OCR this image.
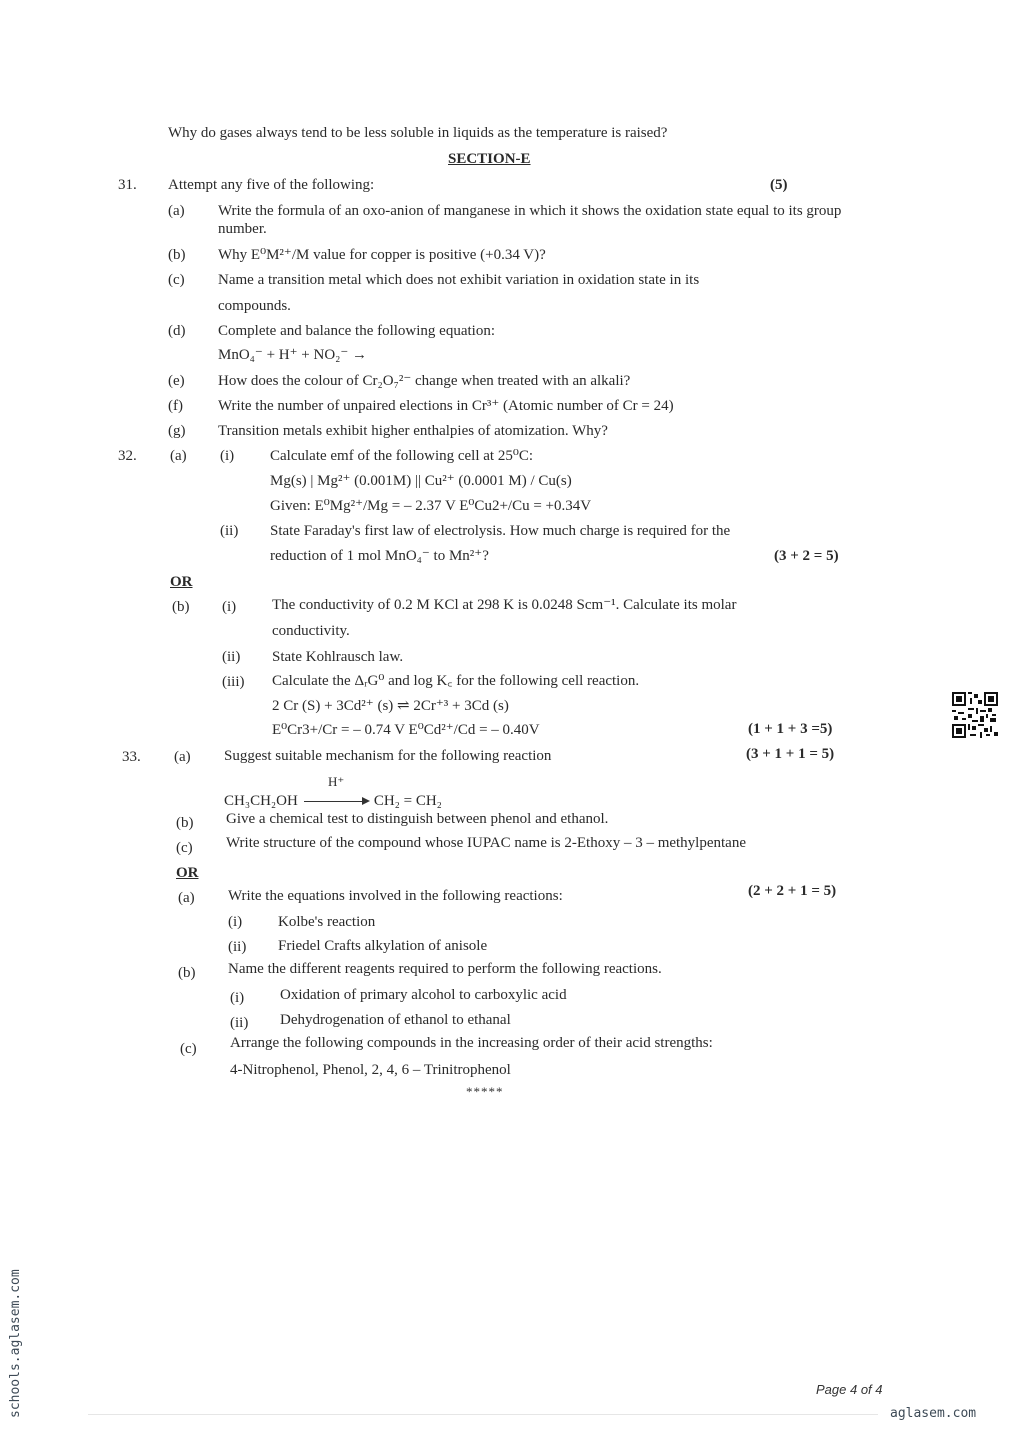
Why do gases always tend to be less soluble in liquids as the temperature is raised?
SECTION-E
31. Attempt any five of the following:	(5)
(a) Write the formula of an oxo-anion of manganese in which it shows the oxidation state equal to its group number.
(b) Why E⁰M²⁺/M value for copper is positive (+0.34 V)?
(c) Name a transition metal which does not exhibit variation in oxidation state in its
compounds.
(d) Complete and balance the following equation:
MnO₄⁻ + H⁺ + NO₂⁻ →
(e) How does the colour of Cr₂O₇²⁻ change when treated with an alkali?
(f) Write the number of unpaired elections in Cr³⁺ (Atomic number of Cr = 24)
(g) Transition metals exhibit higher enthalpies of atomization. Why?
32. (a) (i) Calculate emf of the following cell at 25⁰C:
Mg(s) | Mg²⁺ (0.001M) || Cu²⁺ (0.0001 M) / Cu(s)
Given: E⁰Mg²⁺/Mg = – 2.37 V E⁰Cu2+/Cu = +0.34V
(ii) State Faraday's first law of electrolysis. How much charge is required for the
reduction of 1 mol MnO₄⁻ to Mn²⁺?	(3 + 2 = 5)
OR
(b) (i) The conductivity of 0.2 M KCl at 298 K is 0.0248 Scm⁻¹. Calculate its molar
conductivity.
(ii) State Kohlrausch law.
(iii) Calculate the ΔᵣG⁰ and log K꜀ for the following cell reaction.
2 Cr (S) + 3Cd²⁺ (s) ⇌ 2Cr⁺³ + 3Cd (s)
E⁰Cr3+/Cr = – 0.74 V E⁰Cd²⁺/Cd = – 0.40V	(1 + 1 + 3 =5)
33. (a) Suggest suitable mechanism for the following reaction	(3 + 1 + 1 = 5)
H⁺
CH₃CH₂OH	CH₂ = CH₂
(b) Give a chemical test to distinguish between phenol and ethanol.
(c) Write structure of the compound whose IUPAC name is 2-Ethoxy – 3 – methylpentane
OR
(a) Write the equations involved in the following reactions:	(2 + 2 + 1 = 5)
(i) Kolbe's reaction
(ii) Friedel Crafts alkylation of anisole
(b) Name the different reagents required to perform the following reactions.
(i) Oxidation of primary alcohol to carboxylic acid
(ii) Dehydrogenation of ethanol to ethanal
(c) Arrange the following compounds in the increasing order of their acid strengths:
4-Nitrophenol, Phenol, 2, 4, 6 – Trinitrophenol
*****
Page 4 of 4
schools.aglasem.com	aglasem.com
